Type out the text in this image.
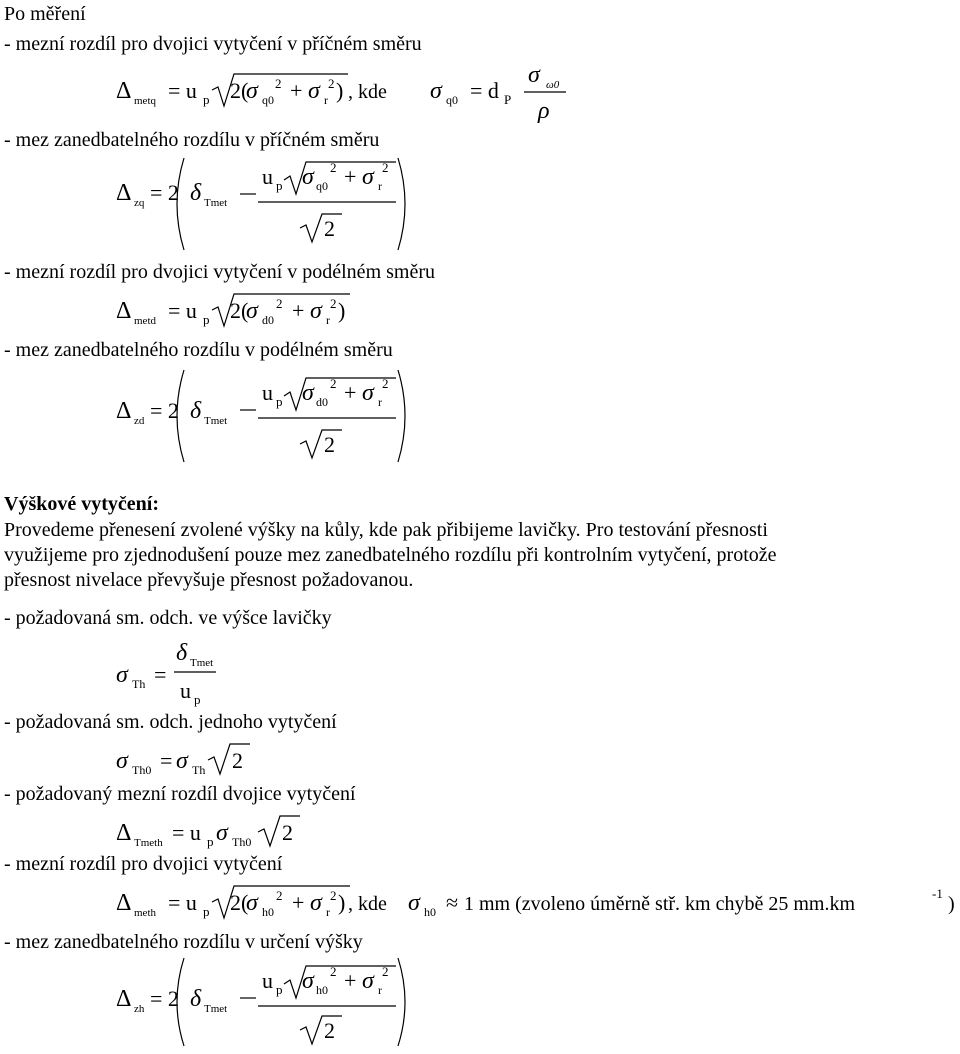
Po měření
- mezní rozdíl pro dvojici vytyčení v příčném směru
Δ metq = u p 2(
σ 2
q0 + σ 2
r ) , kde σ q0 = d P
σ ω0
ρ
- mez zanedbatelného rozdílu v příčném směru
Δ zq = 2 δ Tmet
u p σ 2
q0 + σ 2
r
2
- mezní rozdíl pro dvojici vytyčení v podélném směru
Δ metd = u p 2(
σ 2
d0 + σ 2
r )
- mez zanedbatelného rozdílu v podélném směru
Δ zd = 2 δ Tmet
u p σ 2
d0 + σ 2
r
2
Výškové vytyčení:
Provedeme přenesení zvolené výšky na kůly, kde pak přibijeme lavičky. Pro testování přesnosti
využijeme pro zjednodušení pouze mez zanedbatelného rozdílu při kontrolním vytyčení, protože
přesnost nivelace převyšuje přesnost požadovanou.
- požadovaná sm. odch. ve výšce lavičky
σ Th =
δ Tmet
u p
- požadovaná sm. odch. jednoho vytyčení
σ Th0 = σ Th 2
- požadovaný mezní rozdíl dvojice vytyčení
Δ Tmeth = u p σ Th0 2
- mezní rozdíl pro dvojici vytyčení
Δ meth = u p 2(
σ 2
h0 + σ 2
r ) , kde σ h0 ≈ 1 mm (zvoleno úměrně stř. km chybě 25 mm.km	-1 )
- mez zanedbatelného rozdílu v určení výšky
Δ zh = 2 δ Tmet
u p σ 2
h0 + σ 2
r
2
